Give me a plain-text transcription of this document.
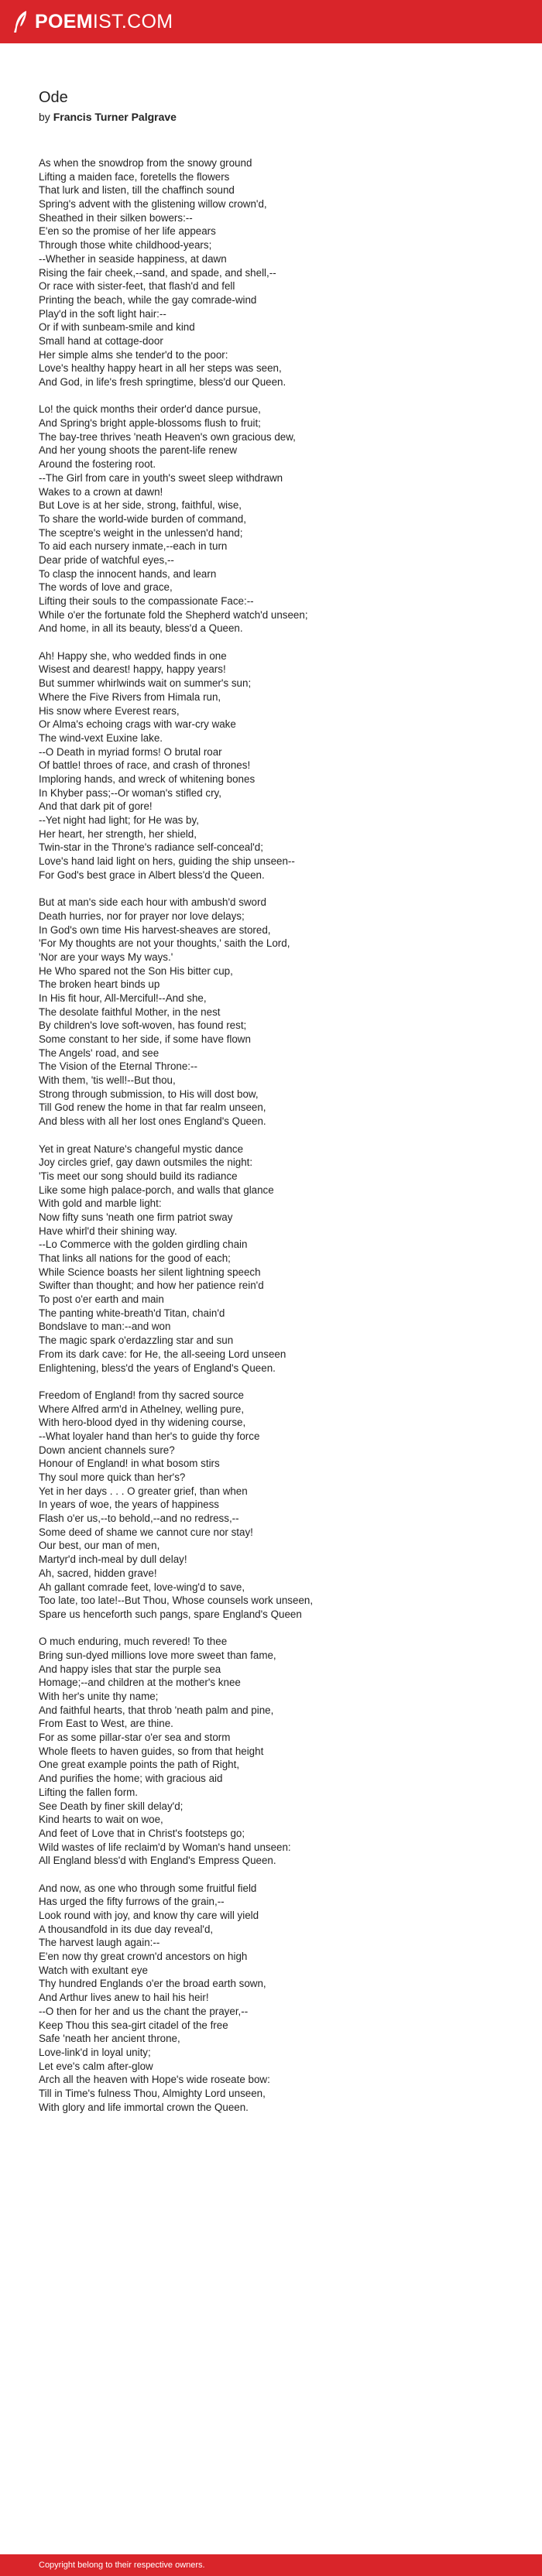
POEMIST.COM
Ode
by Francis Turner Palgrave
As when the snowdrop from the snowy ground
Lifting a maiden face, foretells the flowers
That lurk and listen, till the chaffinch sound
Spring's advent with the glistening willow crown'd,
Sheathed in their silken bowers:--
E'en so the promise of her life appears
Through those white childhood-years;
--Whether in seaside happiness, at dawn
Rising the fair cheek,--sand, and spade, and shell,--
Or race with sister-feet, that flash'd and fell
Printing the beach, while the gay comrade-wind
Play'd in the soft light hair:--
Or if with sunbeam-smile and kind
Small hand at cottage-door
Her simple alms she tender'd to the poor:
Love's healthy happy heart in all her steps was seen,
And God, in life's fresh springtime, bless'd our Queen.
Lo! the quick months their order'd dance pursue,
And Spring's bright apple-blossoms flush to fruit;
The bay-tree thrives 'neath Heaven's own gracious dew,
And her young shoots the parent-life renew
Around the fostering root.
--The Girl from care in youth's sweet sleep withdrawn
Wakes to a crown at dawn!
But Love is at her side, strong, faithful, wise,
To share the world-wide burden of command,
The sceptre's weight in the unlessen'd hand;
To aid each nursery inmate,--each in turn
Dear pride of watchful eyes,--
To clasp the innocent hands, and learn
The words of love and grace,
Lifting their souls to the compassionate Face:--
While o'er the fortunate fold the Shepherd watch'd unseen;
And home, in all its beauty, bless'd a Queen.
Ah! Happy she, who wedded finds in one
Wisest and dearest! happy, happy years!
But summer whirlwinds wait on summer's sun;
Where the Five Rivers from Himala run,
His snow where Everest rears,
Or Alma's echoing crags with war-cry wake
The wind-vext Euxine lake.
--O Death in myriad forms! O brutal roar
Of battle! throes of race, and crash of thrones!
Imploring hands, and wreck of whitening bones
In Khyber pass;--Or woman's stifled cry,
And that dark pit of gore!
--Yet night had light; for He was by,
Her heart, her strength, her shield,
Twin-star in the Throne's radiance self-conceal'd;
Love's hand laid light on hers, guiding the ship unseen--
For God's best grace in Albert bless'd the Queen.
But at man's side each hour with ambush'd sword
Death hurries, nor for prayer nor love delays;
In God's own time His harvest-sheaves are stored,
'For My thoughts are not your thoughts,' saith the Lord,
'Nor are your ways My ways.'
He Who spared not the Son His bitter cup,
The broken heart binds up
In His fit hour, All-Merciful!--And she,
The desolate faithful Mother, in the nest
By children's love soft-woven, has found rest;
Some constant to her side, if some have flown
The Angels' road, and see
The Vision of the Eternal Throne:--
With them, 'tis well!--But thou,
Strong through submission, to His will dost bow,
Till God renew the home in that far realm unseen,
And bless with all her lost ones England's Queen.
Yet in great Nature's changeful mystic dance
Joy circles grief, gay dawn outsmiles the night:
'Tis meet our song should build its radiance
Like some high palace-porch, and walls that glance
With gold and marble light:
Now fifty suns 'neath one firm patriot sway
Have whirl'd their shining way.
--Lo Commerce with the golden girdling chain
That links all nations for the good of each;
While Science boasts her silent lightning speech
Swifter than thought; and how her patience rein'd
To post o'er earth and main
The panting white-breath'd Titan, chain'd
Bondslave to man:--and won
The magic spark o'erdazzling star and sun
From its dark cave: for He, the all-seeing Lord unseen
Enlightening, bless'd the years of England's Queen.
Freedom of England! from thy sacred source
Where Alfred arm'd in Athelney, welling pure,
With hero-blood dyed in thy widening course,
--What loyaler hand than her's to guide thy force
Down ancient channels sure?
Honour of England! in what bosom stirs
Thy soul more quick than her's?
Yet in her days . . . O greater grief, than when
In years of woe, the years of happiness
Flash o'er us,--to behold,--and no redress,--
Some deed of shame we cannot cure nor stay!
Our best, our man of men,
Martyr'd inch-meal by dull delay!
Ah, sacred, hidden grave!
Ah gallant comrade feet, love-wing'd to save,
Too late, too late!--But Thou, Whose counsels work unseen,
Spare us henceforth such pangs, spare England's Queen
O much enduring, much revered! To thee
Bring sun-dyed millions love more sweet than fame,
And happy isles that star the purple sea
Homage;--and children at the mother's knee
With her's unite thy name;
And faithful hearts, that throb 'neath palm and pine,
From East to West, are thine.
For as some pillar-star o'er sea and storm
Whole fleets to haven guides, so from that height
One great example points the path of Right,
And purifies the home; with gracious aid
Lifting the fallen form.
See Death by finer skill delay'd;
Kind hearts to wait on woe,
And feet of Love that in Christ's footsteps go;
Wild wastes of life reclaim'd by Woman's hand unseen:
All England bless'd with England's Empress Queen.
And now, as one who through some fruitful field
Has urged the fifty furrows of the grain,--
Look round with joy, and know thy care will yield
A thousandfold in its due day reveal'd,
The harvest laugh again:--
E'en now thy great crown'd ancestors on high
Watch with exultant eye
Thy hundred Englands o'er the broad earth sown,
And Arthur lives anew to hail his heir!
--O then for her and us the chant the prayer,--
Keep Thou this sea-girt citadel of the free
Safe 'neath her ancient throne,
Love-link'd in loyal unity;
Let eve's calm after-glow
Arch all the heaven with Hope's wide roseate bow:
Till in Time's fulness Thou, Almighty Lord unseen,
With glory and life immortal crown the Queen.
Copyright belong to their respective owners.
